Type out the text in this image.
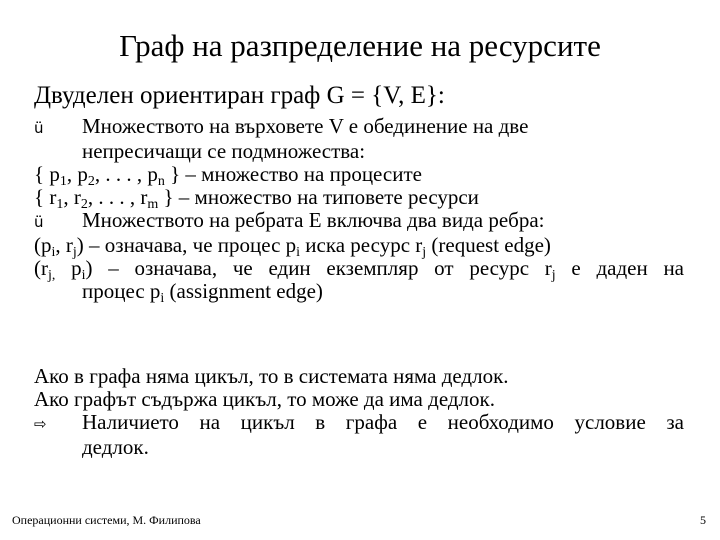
Граф на разпределение на ресурсите
Двуделен ориентиран граф G = {V, E}:
ü Множеството на върховете V е обединение на две
непресичащи се подмножества:
{ $p_1$, $p_2$, . . . , $p_n$ } – множество на процесите
{ $r_1$, $r_2$, . . . , $r_m$ } – множество на типовете ресурси
ü Множеството на ребрата Е включва два вида ребра:
($p_i$, $r_j$) – означава, че процес $p_i$ иска ресурс $r_j$ (request edge)
($r_{j,}$ $p_i$) – означава, че един екземпляр от ресурс $r_j$ е даден на
процес $p_i$ (assignment edge)
Ако в графа няма цикъл, то в системата няма дедлок.
Ако графът съдържа цикъл, то може да има дедлок.
⇨ Наличието на цикъл в графа е необходимо условие за
дедлок.
Операционни системи, М. Филипова	5
